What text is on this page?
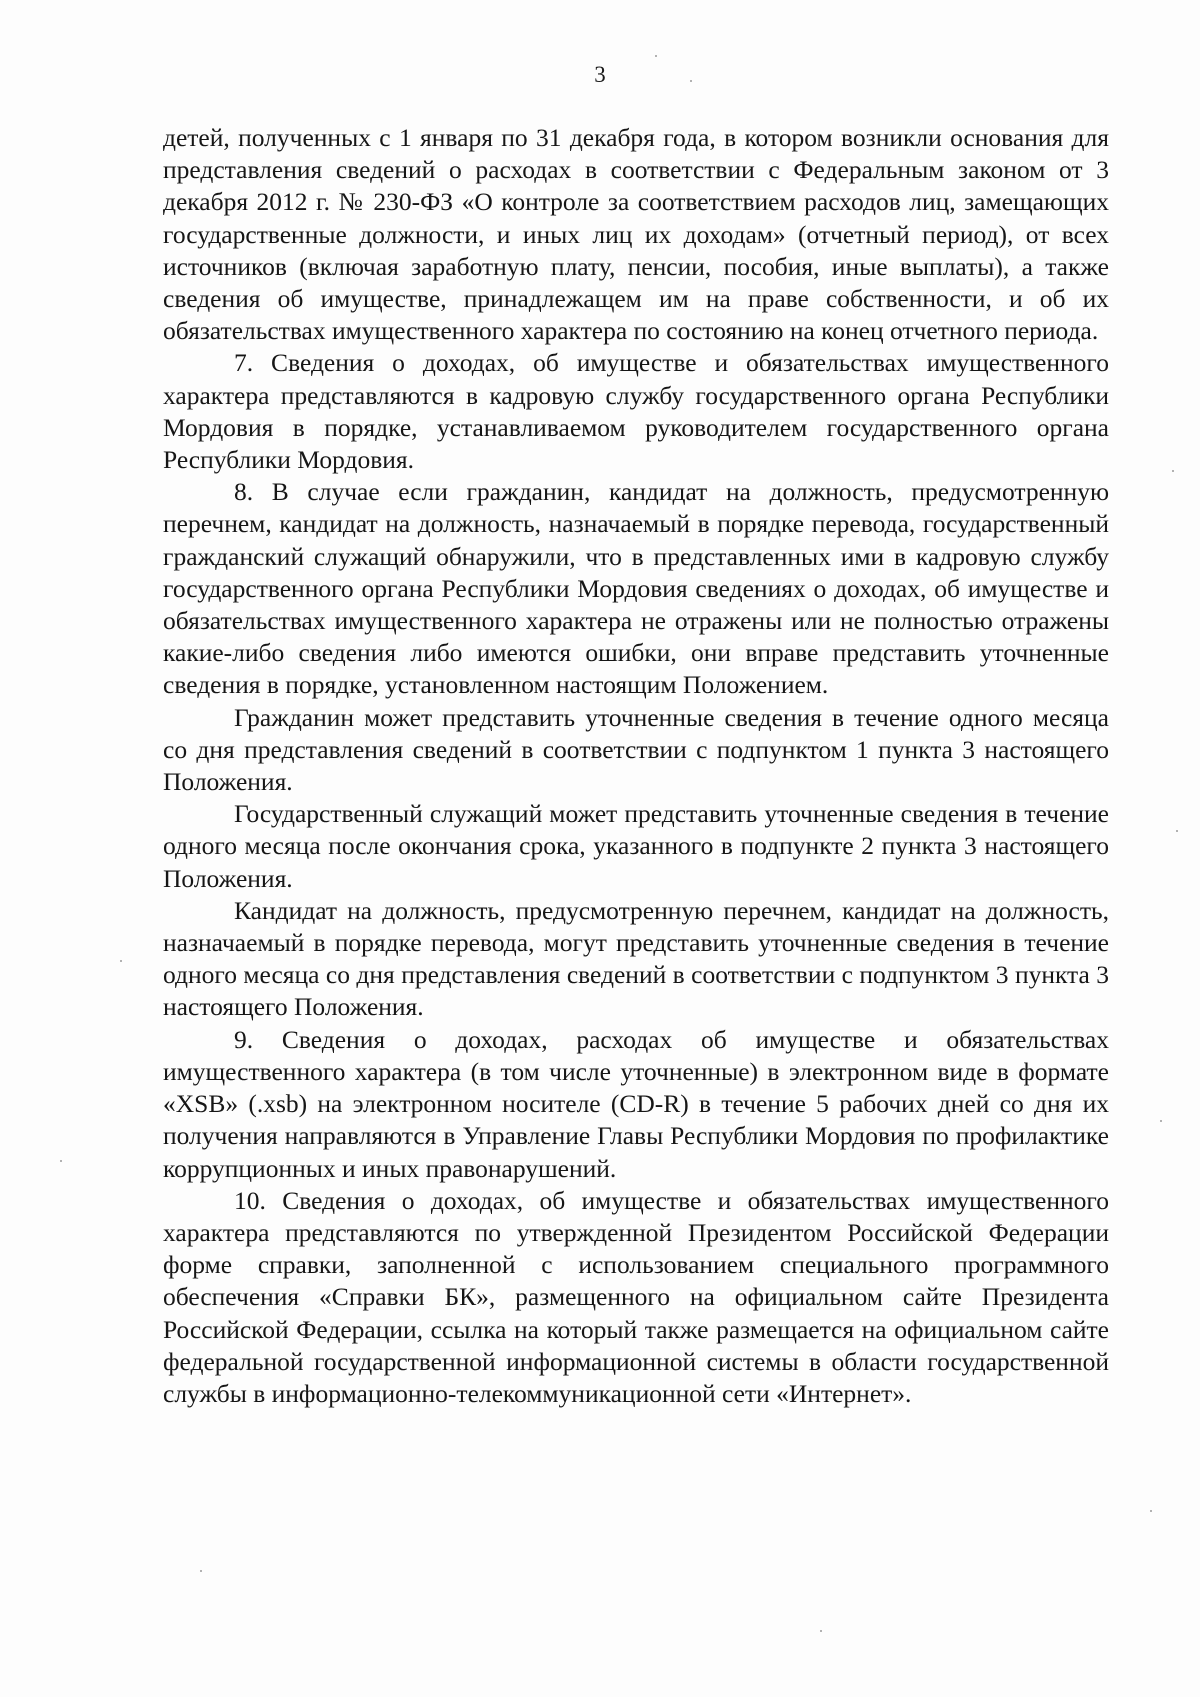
3

детей, полученных с 1 января по 31 декабря года, в котором возникли основания для представления сведений о расходах в соответствии с Федеральным законом от 3 декабря 2012 г. № 230-ФЗ «О контроле за соответствием расходов лиц, замещающих государственные должности, и иных лиц их доходам» (отчетный период), от всех источников (включая заработную плату, пенсии, пособия, иные выплаты), а также сведения об имуществе, принадлежащем им на праве собственности, и об их обязательствах имущественного характера по состоянию на конец отчетного периода.

7. Сведения о доходах, об имуществе и обязательствах имущественного характера представляются в кадровую службу государственного органа Республики Мордовия в порядке, устанавливаемом руководителем государственного органа Республики Мордовия.

8. В случае если гражданин, кандидат на должность, предусмотренную перечнем, кандидат на должность, назначаемый в порядке перевода, государственный гражданский служащий обнаружили, что в представленных ими в кадровую службу государственного органа Республики Мордовия сведениях о доходах, об имуществе и обязательствах имущественного характера не отражены или не полностью отражены какие-либо сведения либо имеются ошибки, они вправе представить уточненные сведения в порядке, установленном настоящим Положением.

Гражданин может представить уточненные сведения в течение одного месяца со дня представления сведений в соответствии с подпунктом 1 пункта 3 настоящего Положения.

Государственный служащий может представить уточненные сведения в течение одного месяца после окончания срока, указанного в подпункте 2 пункта 3 настоящего Положения.

Кандидат на должность, предусмотренную перечнем, кандидат на должность, назначаемый в порядке перевода, могут представить уточненные сведения в течение одного месяца со дня представления сведений в соответствии с подпунктом 3 пункта 3 настоящего Положения.

9. Сведения о доходах, расходах об имуществе и обязательствах имущественного характера (в том числе уточненные) в электронном виде в формате «XSB» (.xsb) на электронном носителе (CD-R) в течение 5 рабочих дней со дня их получения направляются в Управление Главы Республики Мордовия по профилактике коррупционных и иных правонарушений.

10. Сведения о доходах, об имуществе и обязательствах имущественного характера представляются по утвержденной Президентом Российской Федерации форме справки, заполненной с использованием специального программного обеспечения «Справки БК», размещенного на официальном сайте Президента Российской Федерации, ссылка на который также размещается на официальном сайте федеральной государственной информационной системы в области государственной службы в информационно-телекоммуникационной сети «Интернет».
